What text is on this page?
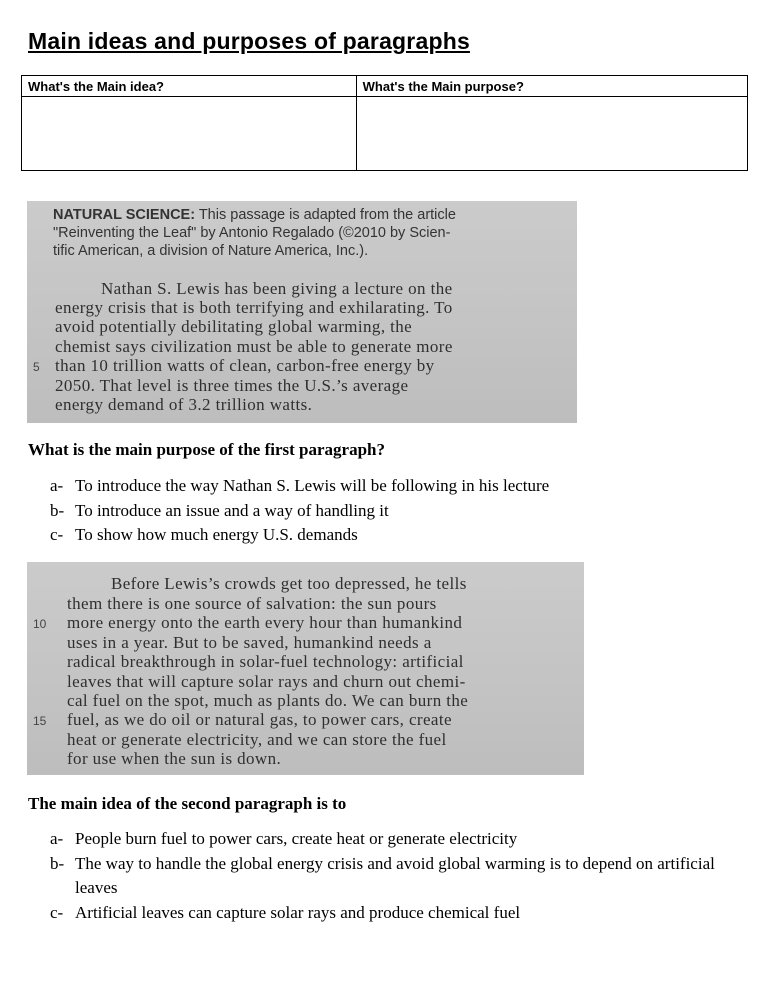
Main ideas and purposes of paragraphs
What's the Main idea?	What's the Main purpose?

NATURAL SCIENCE: This passage is adapted from the article
"Reinventing the Leaf" by Antonio Regalado (©2010 by Scien-
tific American, a division of Nature America, Inc.).
Nathan S. Lewis has been giving a lecture on the
energy crisis that is both terrifying and exhilarating. To
avoid potentially debilitating global warming, the
chemist says civilization must be able to generate more
5 than 10 trillion watts of clean, carbon-free energy by
2050. That level is three times the U.S.’s average
energy demand of 3.2 trillion watts.
What is the main purpose of the first paragraph?
a- To introduce the way Nathan S. Lewis will be following in his lecture
b- To introduce an issue and a way of handling it
c- To show how much energy U.S. demands
Before Lewis’s crowds get too depressed, he tells
them there is one source of salvation: the sun pours
10 more energy onto the earth every hour than humankind
uses in a year. But to be saved, humankind needs a
radical breakthrough in solar-fuel technology: artificial
leaves that will capture solar rays and churn out chemi-
cal fuel on the spot, much as plants do. We can burn the
15 fuel, as we do oil or natural gas, to power cars, create
heat or generate electricity, and we can store the fuel
for use when the sun is down.
The main idea of the second paragraph is to
a- People burn fuel to power cars, create heat or generate electricity
b- The way to handle the global energy crisis and avoid global warming is to depend on artificial leaves
c- Artificial leaves can capture solar rays and produce chemical fuel
